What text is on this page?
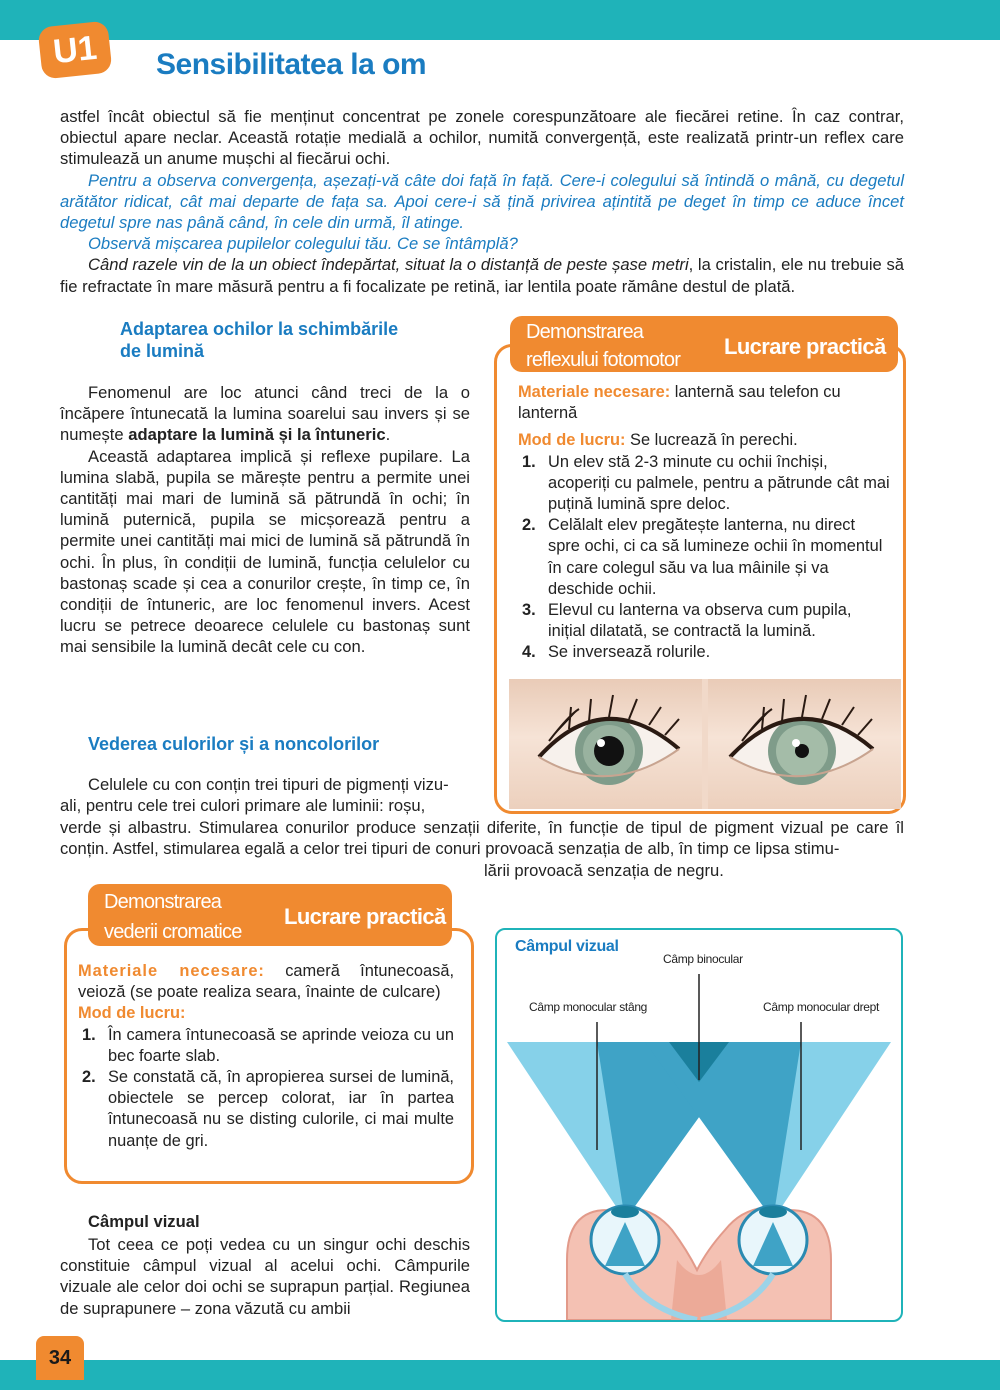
U1	Sensibilitatea la om

astfel încât obiectul să fie menținut concentrat pe zonele corespunzătoare ale fiecărei retine. În caz contrar, obiectul apare neclar. Această rotație medială a ochilor, numită convergență, este realizată printr-un reflex care stimulează un anume mușchi al fiecărui ochi.

Pentru a observa convergența, așezați-vă câte doi față în față. Cere-i colegului să întindă o mână, cu degetul arătător ridicat, cât mai departe de fața sa. Apoi cere-i să țină privirea ațintită pe deget în timp ce aduce încet degetul spre nas până când, în cele din urmă, îl atinge.

Observă mișcarea pupilelor colegului tău. Ce se întâmplă?

Când razele vin de la un obiect îndepărtat, situat la o distanță de peste șase metri, la cristalin, ele nu trebuie să fie refractate în mare măsură pentru a fi focalizate pe retină, iar lentila poate rămâne destul de plată.

Adaptarea ochilor la schimbările
de lumină

Fenomenul are loc atunci când treci de la o încăpere întunecată la lumina soarelui sau invers și se numește adaptare la lumină și la întuneric.

Această adaptarea implică și reflexe pupilare. La lumina slabă, pupila se mărește pentru a permite unei cantități mai mari de lumină să pătrundă în ochi; în lumină puternică, pupila se micșorează pentru a permite unei cantități mai mici de lumină să pătrundă în ochi. În plus, în condiții de lumină, funcția celulelor cu bastonaș scade și cea a conurilor crește, în timp ce, în condiții de întuneric, are loc fenomenul invers. Acest lucru se petrece deoarece celulele cu bastonaș sunt mai sensibile la lumină decât cele cu con.

Demonstrarea
reflexului fotomotor
Lucrare practică

Materiale necesare: lanternă sau telefon cu lanternă

Mod de lucru: Se lucrează în perechi.

1. Un elev stă 2-3 minute cu ochii închiși, acoperiți cu palmele, pentru a pătrunde cât mai puțină lumină spre deloc.
2. Celălalt elev pregătește lanterna, nu direct spre ochi, ci ca să lumineze ochii în momentul în care colegul său va lua mâinile și va deschide ochii.
3. Elevul cu lanterna va observa cum pupila, inițial dilatată, se contractă la lumină.
4. Se inversează rolurile.
Vederea culorilor și a noncolorilor

Celulele cu con conțin trei tipuri de pigmenți vizu-

ali, pentru cele trei culori primare ale luminii: roșu,

verde și albastru. Stimularea conurilor produce senzații diferite, în funcție de tipul de pigment vizual pe care îl conțin. Astfel, stimularea egală a celor trei tipuri de conuri provoacă senzația de alb, în timp ce lipsa stimu-
lării provoacă senzația de negru.
Demonstrarea
vederii cromatice
Lucrare practică

Materiale necesare: cameră întunecoasă, veioză (se poate realiza seara, înainte de culcare)

Mod de lucru:

1. În camera întunecoasă se aprinde veioza cu un bec foarte slab.
2. Se constată că, în apropierea sursei de lumină, obiectele se percep colorat, iar în partea întunecoasă nu se disting culorile, ci mai multe nuanțe de gri.
Câmpul vizual
Tot ceea ce poți vedea cu un singur ochi deschis constituie câmpul vizual al acelui ochi. Câmpurile vizuale ale celor doi ochi se suprapun parțial. Regiunea de suprapunere – zona văzută cu ambii
Câmpul vizual
Câmp binocular
Câmp monocular stâng	Câmp monocular drept
34
